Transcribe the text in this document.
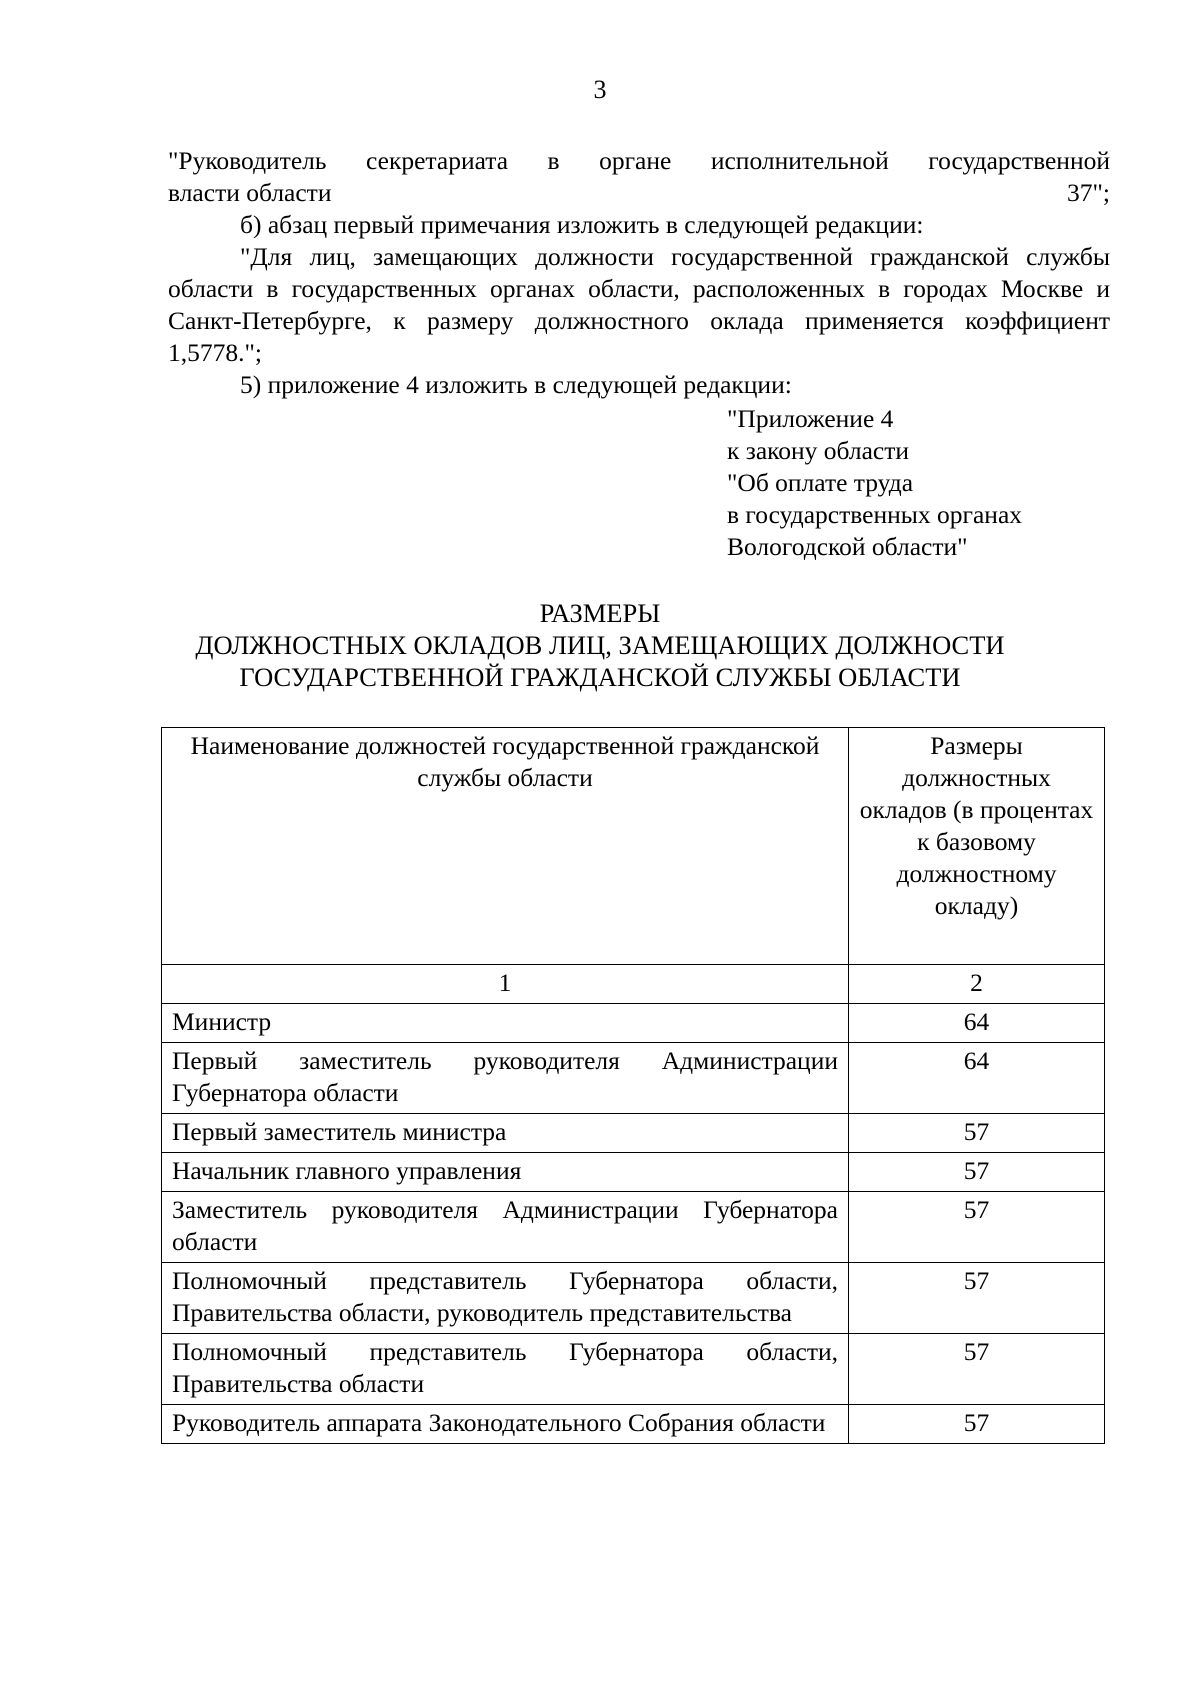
3

"Руководитель секретариата в органе исполнительной государственной

власти области	37";

б) абзац первый примечания изложить в следующей редакции:

"Для лиц, замещающих должности государственной гражданской службы области в государственных органах области, расположенных в городах Москве и Санкт-Петербурге, к размеру должностного оклада применяется коэффициент 1,5778.";

5) приложение 4 изложить в следующей редакции:

"Приложение 4
к закону области
"Об оплате труда
в государственных органах
Вологодской области"
РАЗМЕРЫ
ДОЛЖНОСТНЫХ ОКЛАДОВ ЛИЦ, ЗАМЕЩАЮЩИХ ДОЛЖНОСТИ
ГОСУДАРСТВЕННОЙ ГРАЖДАНСКОЙ СЛУЖБЫ ОБЛАСТИ
Наименование должностей государственной гражданской службы области	Размеры должностных окладов (в процентах к базовому должностному окладу)
1	2
Министр	64
Первый заместитель руководителя Администрации Губернатора области	64
Первый заместитель министра	57
Начальник главного управления	57
Заместитель руководителя Администрации Губернатора области	57
Полномочный представитель Губернатора области, Правительства области, руководитель представительства	57
Полномочный представитель Губернатора области, Правительства области	57
Руководитель аппарата Законодательного Собрания области	57
